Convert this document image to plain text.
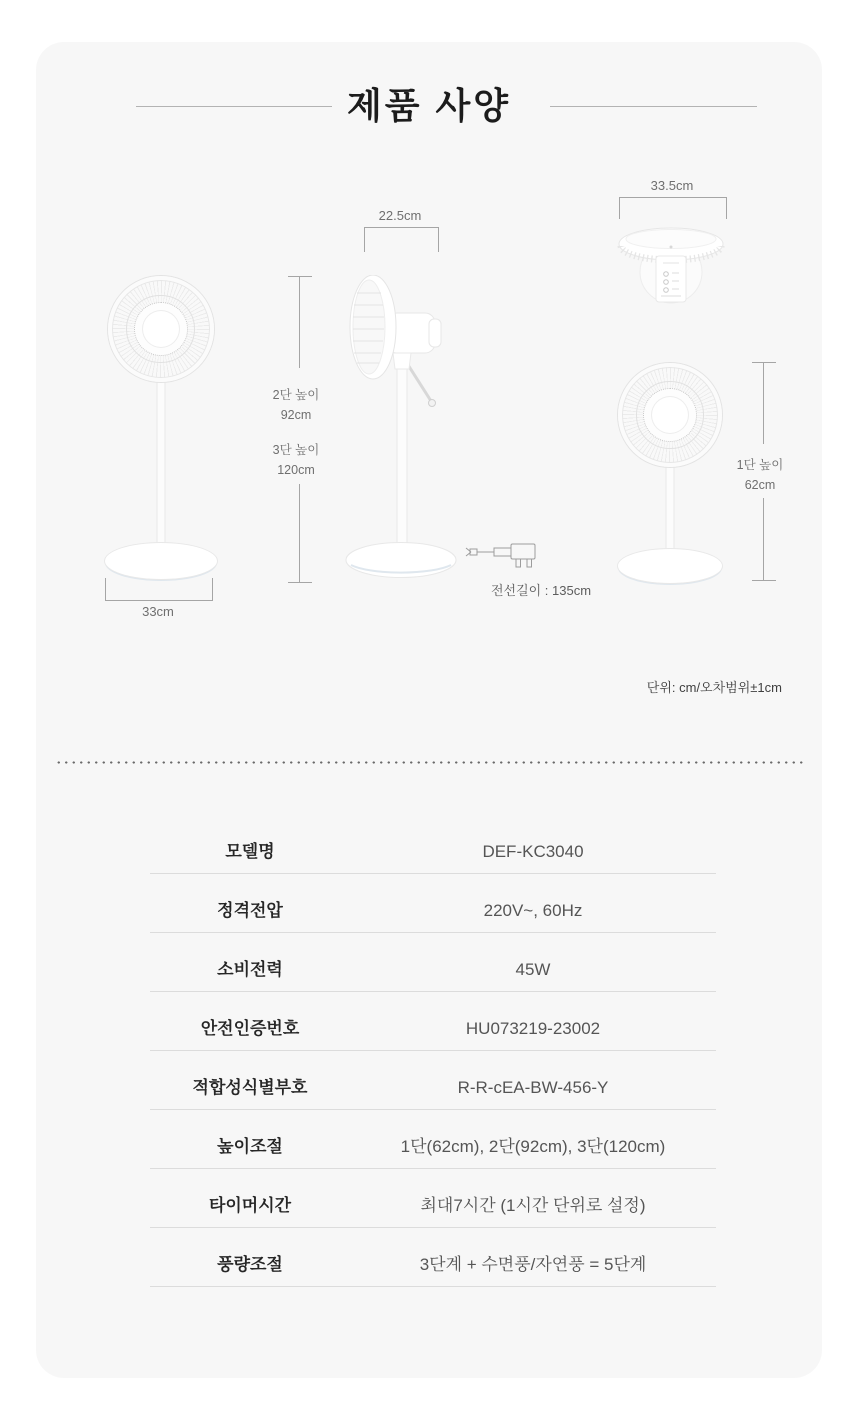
제품 사양
33cm
2단 높이
92cm
3단 높이
120cm
22.5cm
전선길이 : 135cm
33.5cm
1단 높이
62cm
단위: cm/오차범위±1cm
모델명	DEF-KC3040
정격전압	220V~, 60Hz
소비전력	45W
안전인증번호	HU073219-23002
적합성식별부호	R-R-cEA-BW-456-Y
높이조절	1단(62cm), 2단(92cm), 3단(120cm)
타이머시간	최대7시간 (1시간 단위로 설정)
풍량조절	3단계 + 수면풍/자연풍 = 5단계
